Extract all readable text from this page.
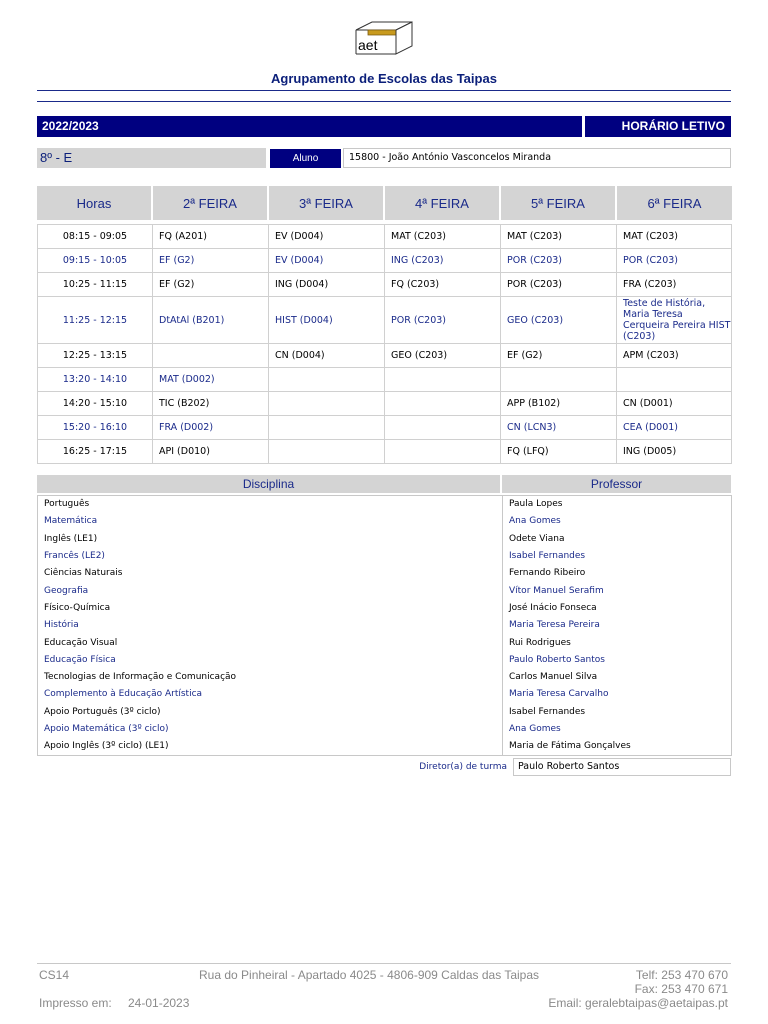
aet
Agrupamento de Escolas das Taipas
2022/2023	HORÁRIO LETIVO
8º - E	Aluno	15800 - João António Vasconcelos Miranda
Horas	2ª FEIRA	3ª FEIRA	4ª FEIRA	5ª FEIRA	6ª FEIRA

08:15 - 09:05	FQ (A201)	EV (D004)	MAT (C203)	MAT (C203)	MAT (C203)
09:15 - 10:05	EF (G2)	EV (D004)	ING (C203)	POR (C203)	POR (C203)
10:25 - 11:15	EF (G2)	ING (D004)	FQ (C203)	POR (C203)	FRA (C203)
11:25 - 12:15	DtAtAl (B201)	HIST (D004)	POR (C203)	GEO (C203)	Teste de História, Maria Teresa Cerqueira Pereira HIST (C203)
12:25 - 13:15		CN (D004)	GEO (C203)	EF (G2)	APM (C203)
13:20 - 14:10	MAT (D002)				
14:20 - 15:10	TIC (B202)			APP (B102)	CN (D001)
15:20 - 16:10	FRA (D002)			CN (LCN3)	CEA (D001)
16:25 - 17:15	API (D010)			FQ (LFQ)	ING (D005)
Disciplina	Professor
Português	Paula Lopes
Matemática	Ana Gomes
Inglês (LE1)	Odete Viana
Francês (LE2)	Isabel Fernandes
Ciências Naturais	Fernando Ribeiro
Geografia	Vítor Manuel Serafim
Físico-Química	José Inácio Fonseca
História	Maria Teresa Pereira
Educação Visual	Rui Rodrigues
Educação Física	Paulo Roberto Santos
Tecnologias de Informação e Comunicação	Carlos Manuel Silva
Complemento à Educação Artística	Maria Teresa Carvalho
Apoio Português (3º ciclo)	Isabel Fernandes
Apoio Matemática (3º ciclo)	Ana Gomes
Apoio Inglês (3º ciclo) (LE1)	Maria de Fátima Gonçalves
Diretor(a) de turma	Paulo Roberto Santos
CS14
Impresso em: 24-01-2023
Rua do Pinheiral - Apartado 4025 - 4806-909 Caldas das Taipas	Telf: 253 470 670
Fax: 253 470 671
Email: geralebtaipas@aetaipas.pt
